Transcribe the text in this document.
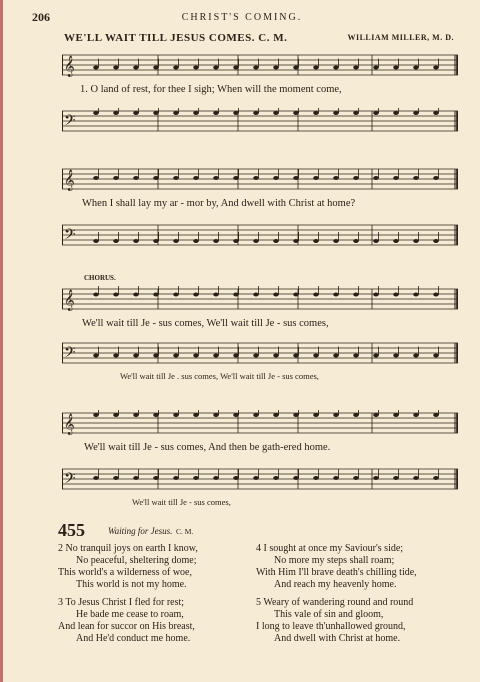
206	CHRIST'S COMING.
WE'LL WAIT TILL JESUS COMES. C. M.	WILLIAM MILLER, M. D.
𝄞
1. O land of rest, for thee I sigh; When will the moment come,
𝄢
𝄞
When I shall lay my ar - mor by, And dwell with Christ at home?
𝄢
CHORUS.
𝄞
We'll wait till Je - sus comes, We'll wait till Je - sus comes,
𝄢
We'll wait till Je . sus comes, We'll wait till Je - sus comes,
𝄞
We'll wait till Je - sus comes, And then be gath-ered home.
𝄢
We'll wait till Je - sus comes,
455	Waiting for Jesus. C. M.
2 No tranquil joys on earth I know,
No peaceful, sheltering dome;
This world's a wilderness of woe,
This world is not my home.
3 To Jesus Christ I fled for rest;
He bade me cease to roam,
And lean for succor on His breast,
And He'd conduct me home.
4 I sought at once my Saviour's side;
No more my steps shall roam;
With Him I'll brave death's chilling tide,
And reach my heavenly home.
5 Weary of wandering round and round
This vale of sin and gloom,
I long to leave th'unhallowed ground,
And dwell with Christ at home.
